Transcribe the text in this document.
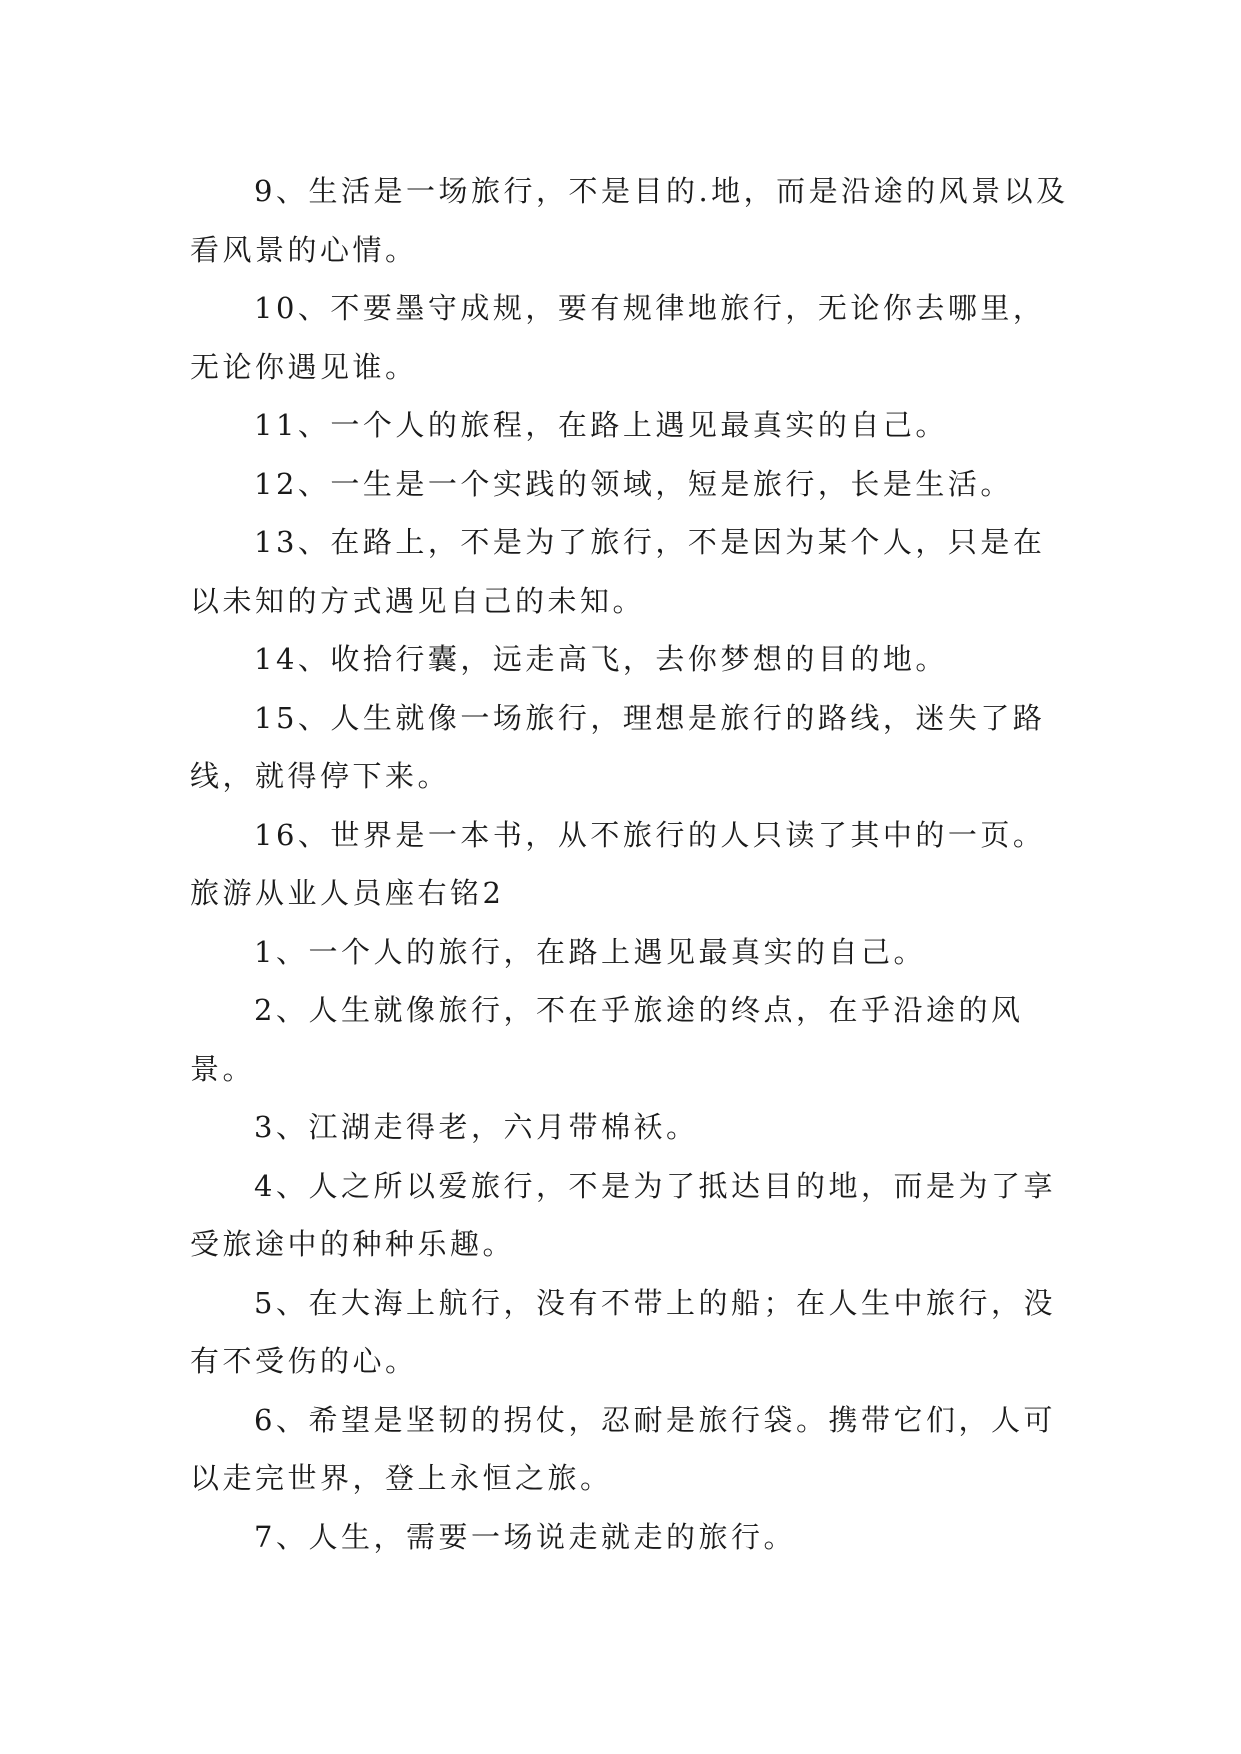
9、生活是一场旅行，不是目的.地，而是沿途的风景以及看风景的心情。

10、不要墨守成规，要有规律地旅行，无论你去哪里，无论你遇见谁。

11、一个人的旅程，在路上遇见最真实的自己。

12、一生是一个实践的领域，短是旅行，长是生活。

13、在路上，不是为了旅行，不是因为某个人，只是在以未知的方式遇见自己的未知。

14、收拾行囊，远走高飞，去你梦想的目的地。

15、人生就像一场旅行，理想是旅行的路线，迷失了路线，就得停下来。

16、世界是一本书，从不旅行的人只读了其中的一页。

旅游从业人员座右铭2

1、一个人的旅行，在路上遇见最真实的自己。

2、人生就像旅行，不在乎旅途的终点，在乎沿途的风景。

3、江湖走得老，六月带棉袄。

4、人之所以爱旅行，不是为了抵达目的地，而是为了享受旅途中的种种乐趣。

5、在大海上航行，没有不带上的船；在人生中旅行，没有不受伤的心。

6、希望是坚韧的拐仗，忍耐是旅行袋。携带它们，人可以走完世界，登上永恒之旅。

7、人生，需要一场说走就走的旅行。
